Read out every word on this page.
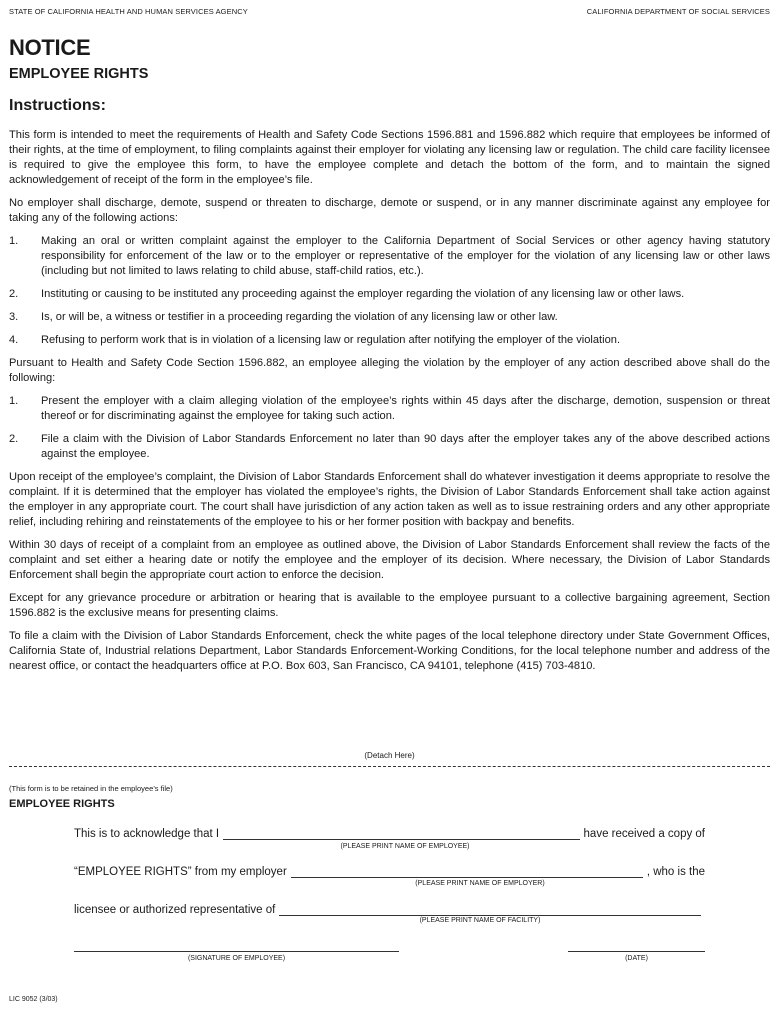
STATE OF CALIFORNIA HEALTH AND HUMAN SERVICES AGENCY	CALIFORNIA DEPARTMENT OF SOCIAL SERVICES
NOTICE
EMPLOYEE RIGHTS
Instructions:

This form is intended to meet the requirements of Health and Safety Code Sections 1596.881 and 1596.882 which require that employees be informed of their rights, at the time of employment, to filing complaints against their employer for violating any licensing law or regulation. The child care facility licensee is required to give the employee this form, to have the employee complete and detach the bottom of the form, and to maintain the signed acknowledgement of receipt of the form in the employee’s file.

No employer shall discharge, demote, suspend or threaten to discharge, demote or suspend, or in any manner discriminate against any employee for taking any of the following actions:

1.	Making an oral or written complaint against the employer to the California Department of Social Services or other agency having statutory responsibility for enforcement of the law or to the employer or representative of the employer for the violation of any licensing law or other laws (including but not limited to laws relating to child abuse, staff-child ratios, etc.).
2.	Instituting or causing to be instituted any proceeding against the employer regarding the violation of any licensing law or other laws.
3.	Is, or will be, a witness or testifier in a proceeding regarding the violation of any licensing law or other law.
4.	Refusing to perform work that is in violation of a licensing law or regulation after notifying the employer of the violation.

Pursuant to Health and Safety Code Section 1596.882, an employee alleging the violation by the employer of any action described above shall do the following:

1.	Present the employer with a claim alleging violation of the employee’s rights within 45 days after the discharge, demotion, suspension or threat thereof or for discriminating against the employee for taking such action.
2.	File a claim with the Division of Labor Standards Enforcement no later than 90 days after the employer takes any of the above described actions against the employee.

Upon receipt of the employee’s complaint, the Division of Labor Standards Enforcement shall do whatever investigation it deems appropriate to resolve the complaint. If it is determined that the employer has violated the employee’s rights, the Division of Labor Standards Enforcement shall take action against the employer in any appropriate court. The court shall have jurisdiction of any action taken as well as to issue restraining orders and any other appropriate relief, including rehiring and reinstatements of the employee to his or her former position with backpay and benefits.

Within 30 days of receipt of a complaint from an employee as outlined above, the Division of Labor Standards Enforcement shall review the facts of the complaint and set either a hearing date or notify the employee and the employer of its decision. Where necessary, the Division of Labor Standards Enforcement shall begin the appropriate court action to enforce the decision.

Except for any grievance procedure or arbitration or hearing that is available to the employee pursuant to a collective bargaining agreement, Section 1596.882 is the exclusive means for presenting claims.

To file a claim with the Division of Labor Standards Enforcement, check the white pages of the local telephone directory under State Government Offices, California State of, Industrial relations Department, Labor Standards Enforcement-Working Conditions, for the local telephone number and address of the nearest office, or contact the headquarters office at P.O. Box 603, San Francisco, CA 94101, telephone (415) 703-4810.

(Detach Here)
(This form is to be retained in the employee’s file)
EMPLOYEE RIGHTS
This is to acknowledge that I	have received a copy of
(PLEASE PRINT NAME OF EMPLOYEE)
“EMPLOYEE RIGHTS” from my employer	, who is the
(PLEASE PRINT NAME OF EMPLOYER)
licensee or authorized representative of
(PLEASE PRINT NAME OF FACILITY)
(SIGNATURE OF EMPLOYEE)	(DATE)
LIC 9052 (3/03)
